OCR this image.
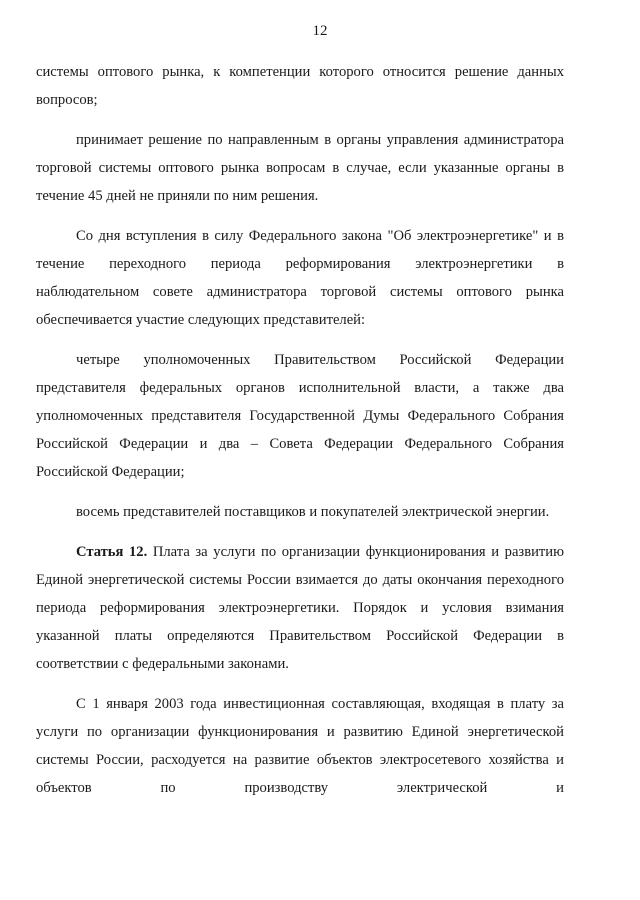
12

системы оптового рынка, к компетенции которого относится решение данных вопросов;

принимает решение по направленным в органы управления администратора торговой системы оптового рынка вопросам в случае, если указанные органы в течение 45 дней не приняли по ним решения.

Со дня вступления в силу Федерального закона "Об электроэнергетике" и в течение переходного периода реформирования электроэнергетики в наблюдательном совете администратора торговой системы оптового рынка обеспечивается участие следующих представителей:

четыре уполномоченных Правительством Российской Федерации представителя федеральных органов исполнительной власти, а также два уполномоченных представителя Государственной Думы Федерального Собрания Российской Федерации и два – Совета Федерации Федерального Собрания Российской Федерации;

восемь представителей поставщиков и покупателей электрической энергии.

Статья 12. Плата за услуги по организации функционирования и развитию Единой энергетической системы России взимается до даты окончания переходного периода реформирования электроэнергетики. Порядок и условия взимания указанной платы определяются Правительством Российской Федерации в соответствии с федеральными законами.

С 1 января 2003 года инвестиционная составляющая, входящая в плату за услуги по организации функционирования и развитию Единой энергетической системы России, расходуется на развитие объектов электросетевого хозяйства и объектов по производству электрической и
